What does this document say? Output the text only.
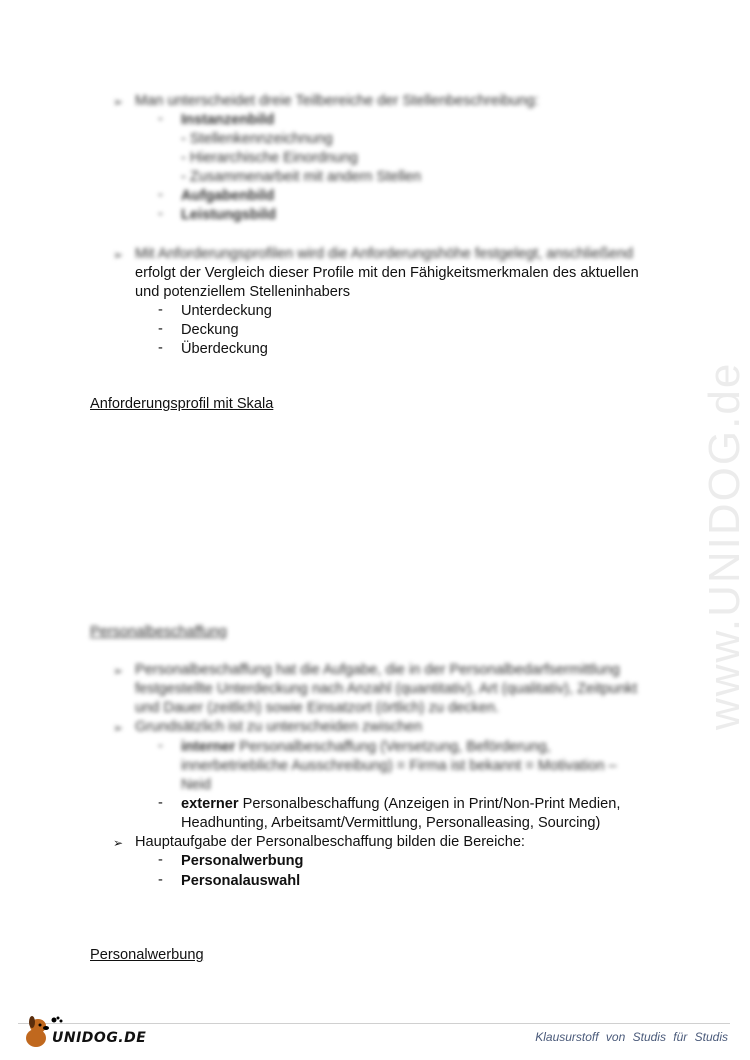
www.UNIDOG.de
➢ Man unterscheidet dreie Teilbereiche der Stellenbeschreibung:
- Instanzenbild
- Stellenkennzeichnung
- Hierarchische Einordnung
- Zusammenarbeit mit andern Stellen
- Aufgabenbild
- Leistungsbild
➢ Mit Anforderungsprofilen wird die Anforderungshöhe festgelegt, anschließend
erfolgt der Vergleich dieser Profile mit den Fähigkeitsmerkmalen des aktuellen
und potenziellem Stelleninhabers
- Unterdeckung
- Deckung
- Überdeckung
Anforderungsprofil mit Skala
Personalbeschaffung
➢ Personalbeschaffung hat die Aufgabe, die in der Personalbedarfsermittlung
festgestellte Unterdeckung nach Anzahl (quantitativ), Art (qualitativ), Zeitpunkt
und Dauer (zeitlich) sowie Einsatzort (örtlich) zu decken.
➢ Grundsätzlich ist zu unterscheiden zwischen
- interner Personalbeschaffung (Versetzung, Beförderung,
innerbetriebliche Ausschreibung) = Firma ist bekannt = Motivation –
Neid
- externer Personalbeschaffung (Anzeigen in Print/Non-Print Medien,
Headhunting, Arbeitsamt/Vermittlung, Personalleasing, Sourcing)
➢ Hauptaufgabe der Personalbeschaffung bilden die Bereiche:
- Personalwerbung
- Personalauswahl
Personalwerbung
UNIDOG.DE	Klausurstoff von Studis für Studis
